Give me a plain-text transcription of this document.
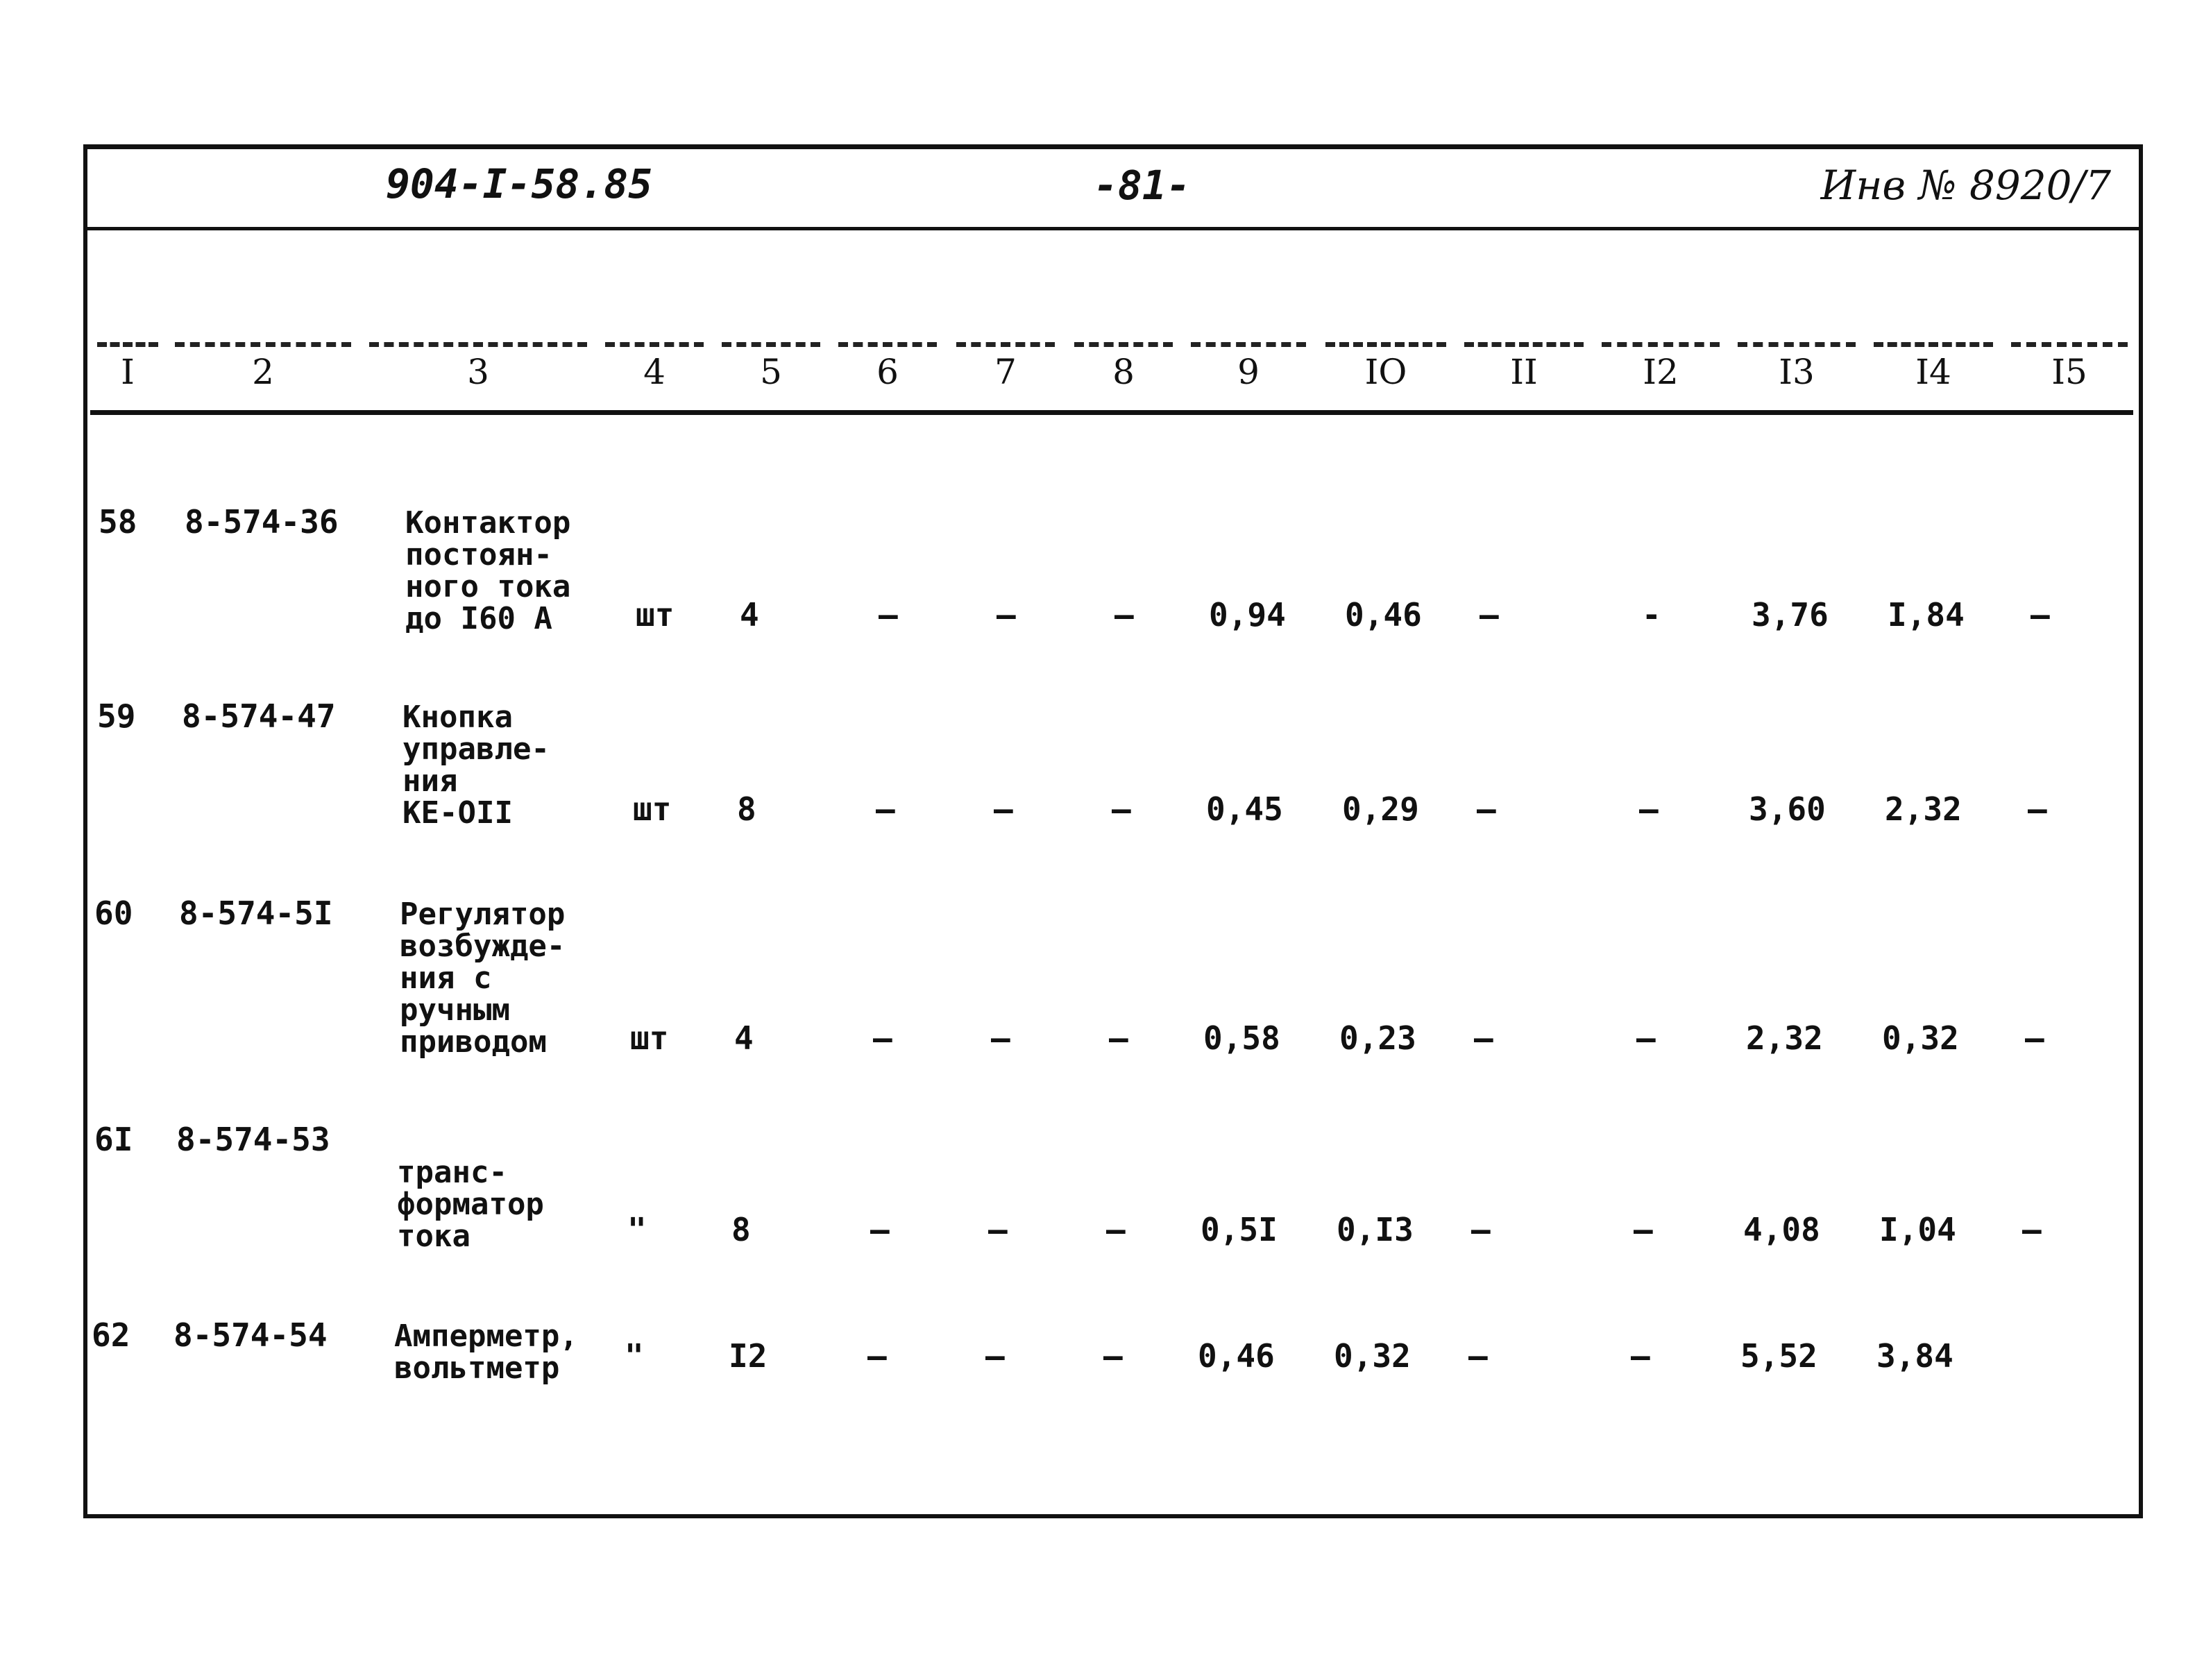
904-I-58.85	-81-	Инв № 8920/7
I	2	3	4	5	6	7	8	9	IO	II	I2	I3	I4	I5
58 8-574-36 Контактор
постоян-
ного тока
до I60 А	шт 4	–	–	– 0,94 0,46 –	-	3,76 I,84 –
59 8-574-47 Кнопка
управле-
ния
КЕ-ОII	шт 8	–	–	– 0,45 0,29 –	–	3,60 2,32 –
60 8-574-5I Регулятор
возбужде-
ния с
ручным
приводом	шт 4	–	–	– 0,58 0,23 –	–	2,32 0,32 –
6I 8-574-53
транс-
форматор
тока	"	8	–	–	– 0,5I 0,I3 –	–	4,08 I,04 –
62 8-574-54 Амперметр,
вольтметр	"	I2	–	–	– 0,46 0,32 –	–	5,52 3,84
